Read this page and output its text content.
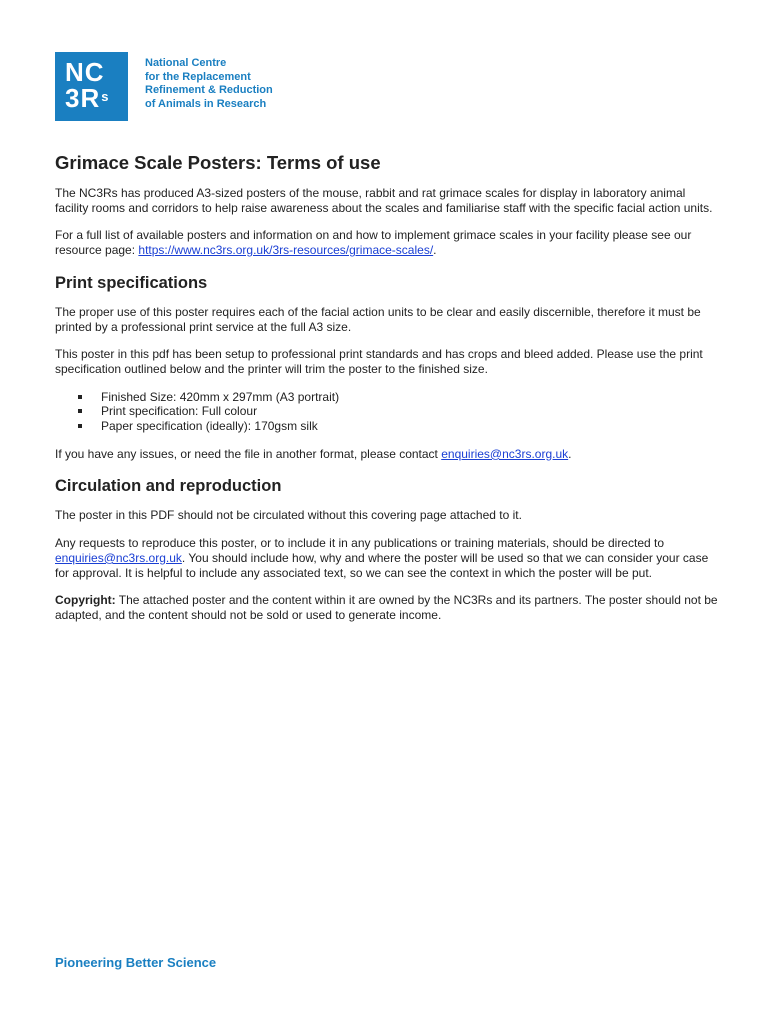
NC
$3R^s$
National Centre
for the Replacement
Refinement & Reduction
of Animals in Research
Grimace Scale Posters: Terms of use

The NC3Rs has produced A3-sized posters of the mouse, rabbit and rat grimace scales for display in laboratory animal facility rooms and corridors to help raise awareness about the scales and familiarise staff with the specific facial action units.

For a full list of available posters and information on and how to implement grimace scales in your facility please see our resource page: https://www.nc3rs.org.uk/3rs-resources/grimace-scales/.

Print specifications

The proper use of this poster requires each of the facial action units to be clear and easily discernible, therefore it must be printed by a professional print service at the full A3 size.

This poster in this pdf has been setup to professional print standards and has crops and bleed added. Please use the print specification outlined below and the printer will trim the poster to the finished size.

Finished Size: 420mm x 297mm (A3 portrait)
Print specification: Full colour
Paper specification (ideally): 170gsm silk

If you have any issues, or need the file in another format, please contact enquiries@nc3rs.org.uk.

Circulation and reproduction

The poster in this PDF should not be circulated without this covering page attached to it.

Any requests to reproduce this poster, or to include it in any publications or training materials, should be directed to enquiries@nc3rs.org.uk. You should include how, why and where the poster will be used so that we can consider your case for approval. It is helpful to include any associated text, so we can see the context in which the poster will be put.

Copyright: The attached poster and the content within it are owned by the NC3Rs and its partners. The poster should not be adapted, and the content should not be sold or used to generate income.

Pioneering Better Science
